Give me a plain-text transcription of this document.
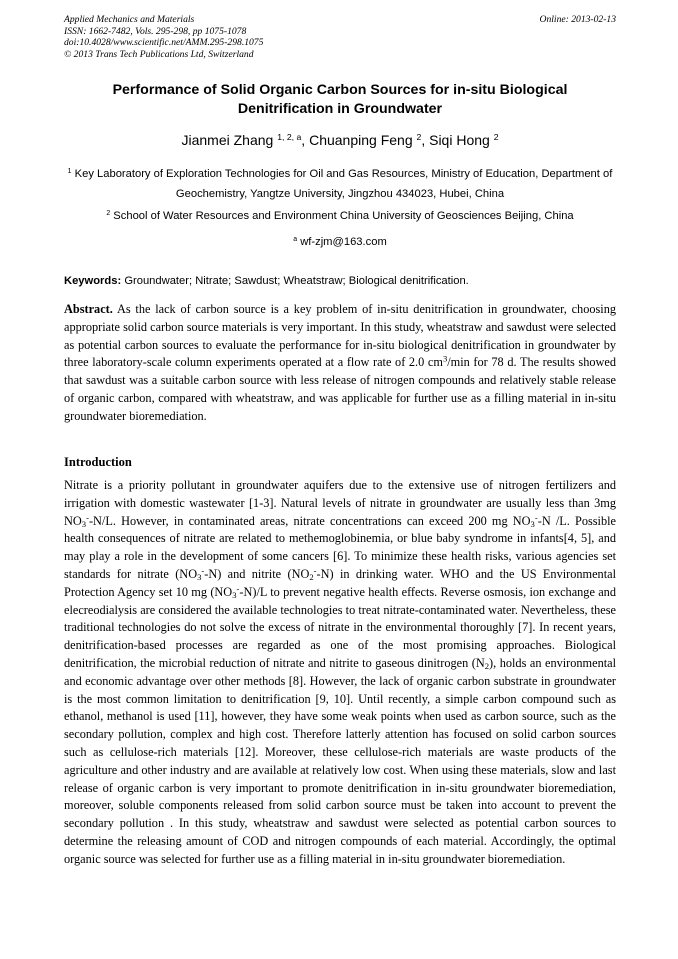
Applied Mechanics and Materials
ISSN: 1662-7482, Vols. 295-298, pp 1075-1078
doi:10.4028/www.scientific.net/AMM.295-298.1075
© 2013 Trans Tech Publications Ltd, Switzerland
Online: 2013-02-13
Performance of Solid Organic Carbon Sources for in-situ Biological Denitrification in Groundwater
Jianmei Zhang $^{1, 2, a}$, Chuanping Feng $^2$, Siqi Hong $^2$
$^1$ Key Laboratory of Exploration Technologies for Oil and Gas Resources, Ministry of Education, Department of Geochemistry, Yangtze University, Jingzhou 434023, Hubei, China
$^2$ School of Water Resources and Environment China University of Geosciences Beijing, China
$^a$ wf-zjm@163.com
Keywords: Groundwater; Nitrate; Sawdust; Wheatstraw; Biological denitrification.

Abstract. As the lack of carbon source is a key problem of in-situ denitrification in groundwater, choosing appropriate solid carbon source materials is very important. In this study, wheatstraw and sawdust were selected as potential carbon sources to evaluate the performance for in-situ biological denitrification in groundwater by three laboratory-scale column experiments operated at a flow rate of 2.0 $cm^3/\min$ for 78 d. The results showed that sawdust was a suitable carbon source with less release of nitrogen compounds and relatively stable release of organic carbon, compared with wheatstraw, and was applicable for further use as a filling material in in-situ groundwater bioremediation.

Introduction

Nitrate is a priority pollutant in groundwater aquifers due to the extensive use of nitrogen fertilizers and irrigation with domestic wastewater [1-3]. Natural levels of nitrate in groundwater are usually less than 3mg $NO_3^--N/L$. However, in contaminated areas, nitrate concentrations can exceed 200 mg $NO_3^--N$ /L. Possible health consequences of nitrate are related to methemoglobinemia, or blue baby syndrome in infants[4, 5], and may play a role in the development of some cancers [6]. To minimize these health risks, various agencies set standards for nitrate $(NO_3^--N)$ and nitrite $(NO_2^--N)$ in drinking water. WHO and the US Environmental Protection Agency set 10 mg $(NO_3^--N)/L$ to prevent negative health effects. Reverse osmosis, ion exchange and elecreodialysis are considered the available technologies to treat nitrate-contaminated water. Nevertheless, these traditional technologies do not solve the excess of nitrate in the environmental thoroughly [7]. In recent years, denitrification-based processes are regarded as one of the most promising approaches. Biological denitrification, the microbial reduction of nitrate and nitrite to gaseous dinitrogen $(N_2)$, holds an environmental and economic advantage over other methods [8]. However, the lack of organic carbon substrate in groundwater is the most common limitation to denitrification [9, 10]. Until recently, a simple carbon compound such as ethanol, methanol is used [11], however, they have some weak points when used as carbon source, such as the secondary pollution, complex and high cost. Therefore latterly attention has focused on solid carbon sources such as cellulose-rich materials [12]. Moreover, these cellulose-rich materials are waste products of the agriculture and other industry and are available at relatively low cost. When using these materials, slow and last release of organic carbon is very important to promote denitrification in in-situ groundwater bioremediation, moreover, soluble components released from solid carbon source must be taken into account to prevent the secondary pollution . In this study, wheatstraw and sawdust were selected as potential carbon sources to determine the releasing amount of COD and nitrogen compounds of each material. Accordingly, the optimal organic source was selected for further use as a filling material in in-situ groundwater bioremediation.
